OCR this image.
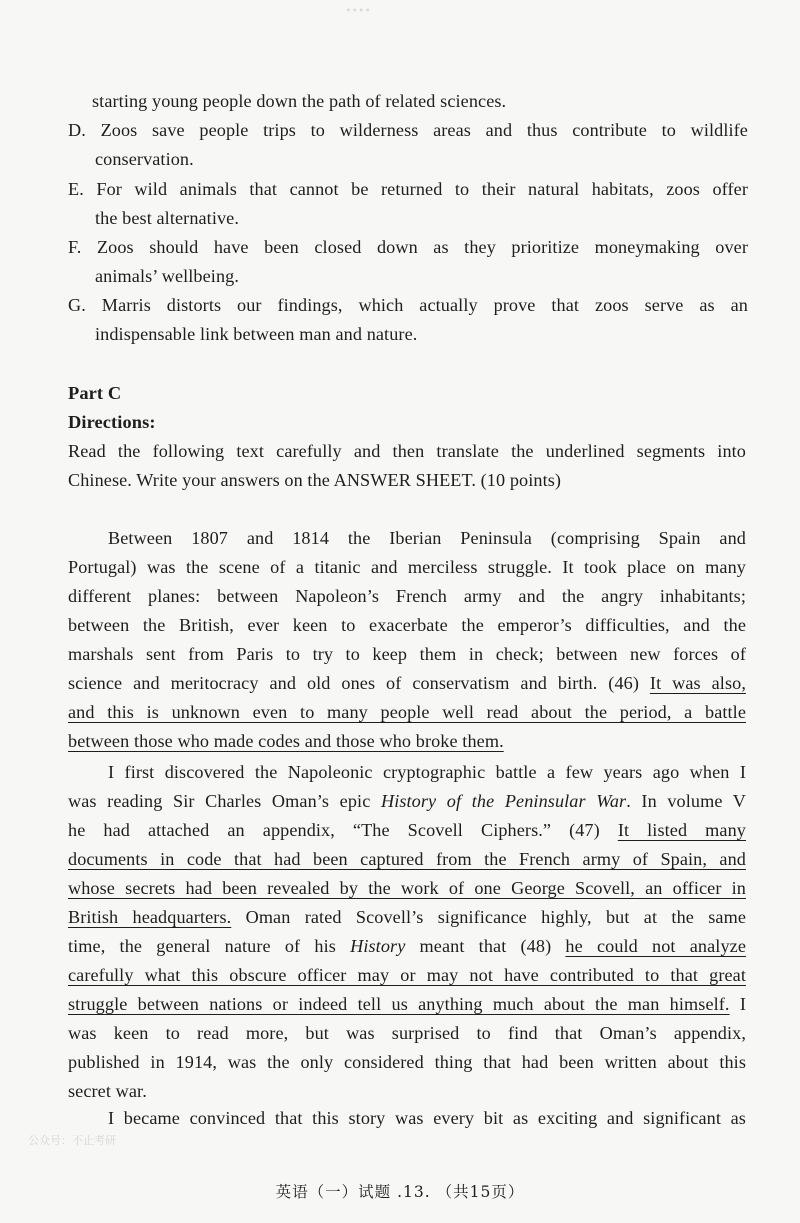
••••
starting young people down the path of related sciences.
D. Zoos save people trips to wilderness areas and thus contribute to wildlife
conservation.
E. For wild animals that cannot be returned to their natural habitats, zoos offer
the best alternative.
F. Zoos should have been closed down as they prioritize moneymaking over
animals’ wellbeing.
G. Marris distorts our findings, which actually prove that zoos serve as an
indispensable link between man and nature.
Part C
Directions:
Read the following text carefully and then translate the underlined segments into
Chinese. Write your answers on the ANSWER SHEET. (10 points)
Between 1807 and 1814 the Iberian Peninsula (comprising Spain and
Portugal) was the scene of a titanic and merciless struggle. It took place on many
different planes: between Napoleon’s French army and the angry inhabitants;
between the British, ever keen to exacerbate the emperor’s difficulties, and the
marshals sent from Paris to try to keep them in check; between new forces of
science and meritocracy and old ones of conservatism and birth. (46) It was also,
and this is unknown even to many people well read about the period, a battle
between those who made codes and those who broke them.
I first discovered the Napoleonic cryptographic battle a few years ago when I
was reading Sir Charles Oman’s epic History of the Peninsular War. In volume V
he had attached an appendix, “The Scovell Ciphers.” (47) It listed many
documents in code that had been captured from the French army of Spain, and
whose secrets had been revealed by the work of one George Scovell, an officer in
British headquarters. Oman rated Scovell’s significance highly, but at the same
time, the general nature of his History meant that (48) he could not analyze
carefully what this obscure officer may or may not have contributed to that great
struggle between nations or indeed tell us anything much about the man himself. I
was keen to read more, but was surprised to find that Oman’s appendix,
published in 1914, was the only considered thing that had been written about this
secret war.
I became convinced that this story was every bit as exciting and significant as
公众号：不止考研
英语（一）试题 .13. （共15页）
